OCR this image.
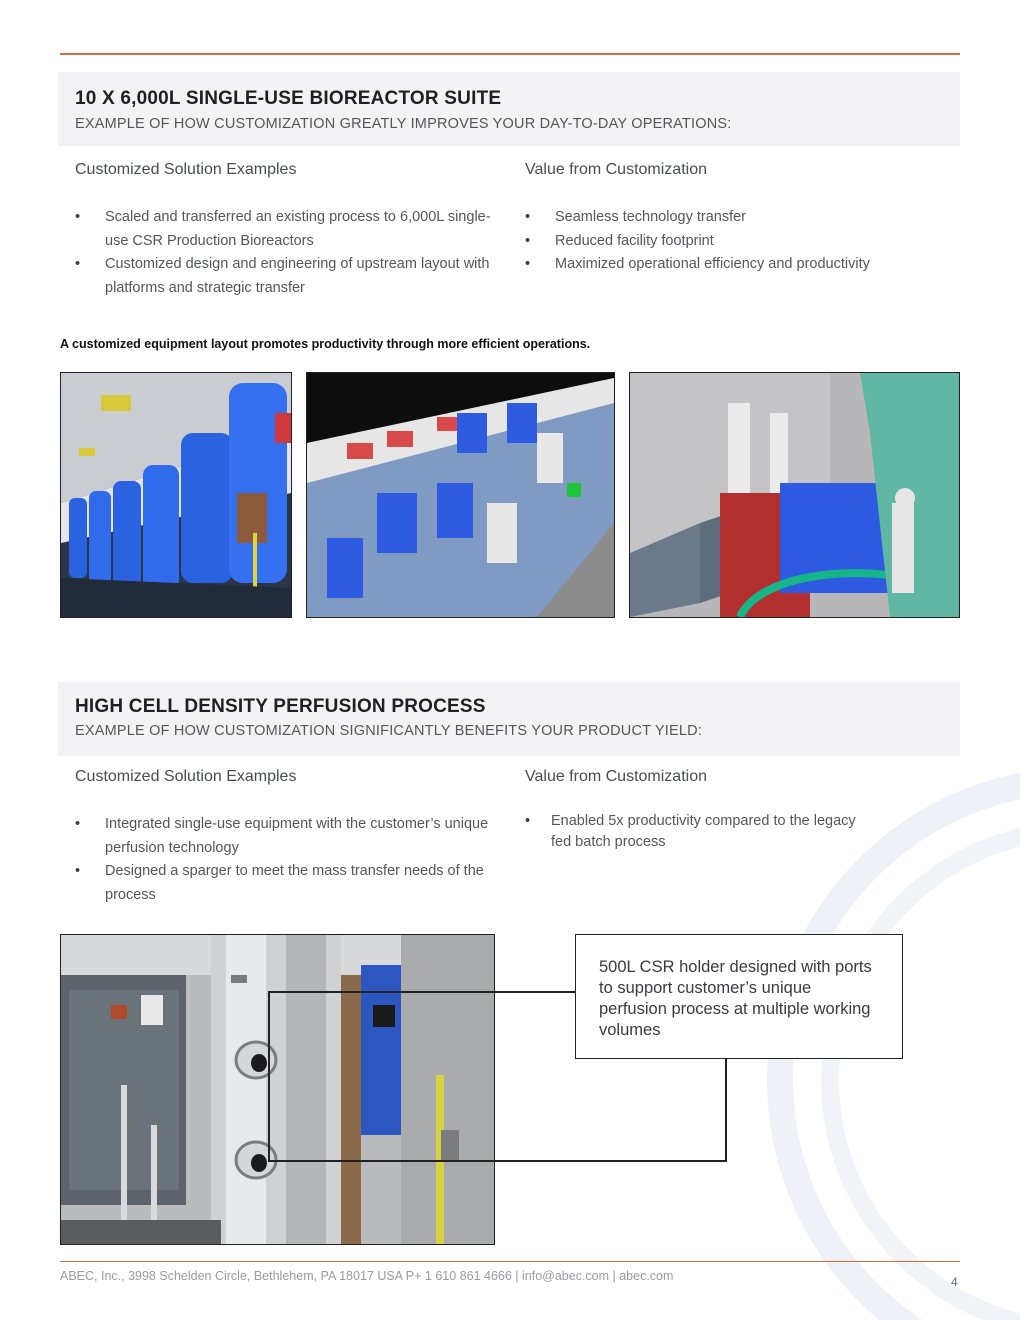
10 X 6,000L SINGLE-USE BIOREACTOR SUITE
EXAMPLE OF HOW CUSTOMIZATION GREATLY IMPROVES YOUR DAY-TO-DAY OPERATIONS:
Customized Solution Examples	Value from Customization
• Scaled and transferred an existing process to 6,000L single-use CSR Production Bioreactors
• Customized design and engineering of upstream layout with platforms and strategic transfer
• Seamless technology transfer
• Reduced facility footprint
• Maximized operational efficiency and productivity
A customized equipment layout promotes productivity through more efficient operations.
HIGH CELL DENSITY PERFUSION PROCESS
EXAMPLE OF HOW CUSTOMIZATION SIGNIFICANTLY BENEFITS YOUR PRODUCT YIELD:
Customized Solution Examples	Value from Customization
• Integrated single-use equipment with the customer’s unique perfusion technology
• Designed a sparger to meet the mass transfer needs of the process
• Enabled 5x productivity compared to the legacy fed batch process
500L CSR holder designed with ports to support customer’s unique perfusion process at multiple working volumes
ABEC, Inc., 3998 Schelden Circle, Bethlehem, PA 18017 USA P+ 1 610 861 4666 | info@abec.com | abec.com	4
